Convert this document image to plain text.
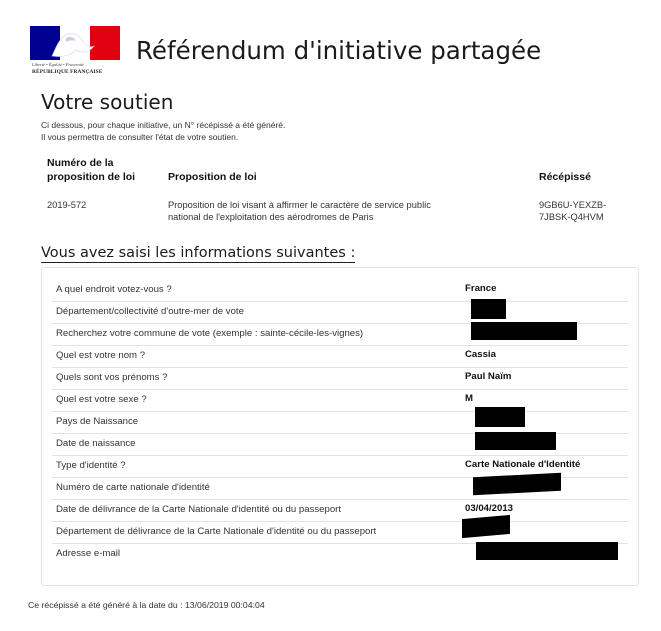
Liberté • Égalité • Fraternité
RÉPUBLIQUE FRANÇAISE
Référendum d'initiative partagée
Votre soutien
Ci dessous, pour chaque initiative, un N° récépissé a été généré.
Il vous permettra de consulter l'état de votre soutien.
Numéro de la
proposition de loi	Proposition de loi	Récépissé
2019-572	Proposition de loi visant à affirmer le caractère de service public
national de l'exploitation des aérodromes de Paris
9GB6U-YEXZB-
7JBSK-Q4HVM
Vous avez saisi les informations suivantes :
A quel endroit votez-vous ?	France
Département/collectivité d'outre-mer de vote
Recherchez votre commune de vote (exemple : sainte-cécile-les-vignes)
Quel est votre nom ?	Cassia
Quels sont vos prénoms ?	Paul Naïm
Quel est votre sexe ?	M
Pays de Naissance
Date de naissance
Type d'identité ?	Carte Nationale d'Identité
Numéro de carte nationale d'identité
Date de délivrance de la Carte Nationale d'identité ou du passeport	03/04/2013
Département de délivrance de la Carte Nationale d'identité ou du passeport
Adresse e-mail
Ce récépissé a été généré à la date du : 13/06/2019 00:04:04
